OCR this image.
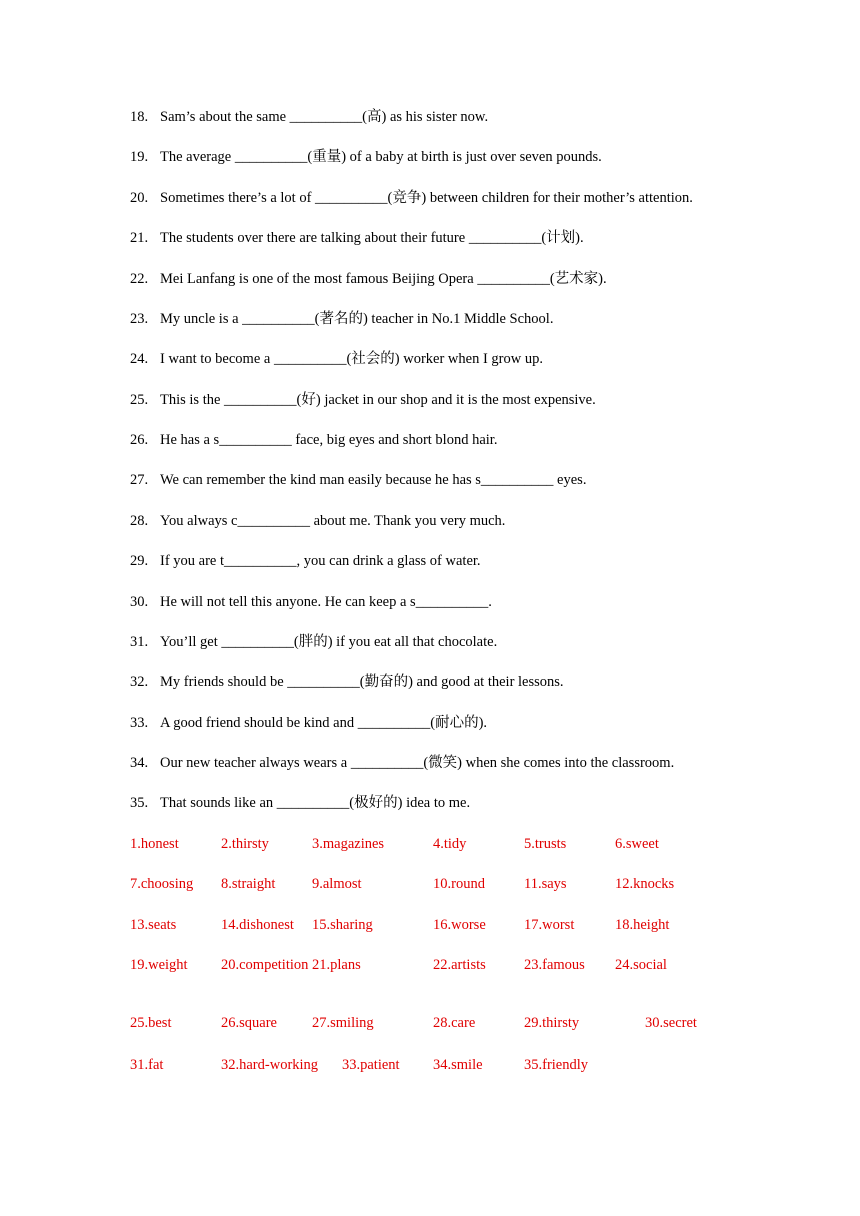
18. Sam’s about the same __________(高) as his sister now.
19. The average __________(重量) of a baby at birth is just over seven pounds.
20. Sometimes there’s a lot of __________(竞争) between children for their mother’s attention.
21. The students over there are talking about their future __________(计划).
22. Mei Lanfang is one of the most famous Beijing Opera __________(艺术家).
23. My uncle is a __________(著名的) teacher in No.1 Middle School.
24. I want to become a __________(社会的) worker when I grow up.
25. This is the __________(好) jacket in our shop and it is the most expensive.
26. He has a s__________ face, big eyes and short blond hair.
27. We can remember the kind man easily because he has s__________ eyes.
28. You always c__________ about me. Thank you very much.
29. If you are t__________, you can drink a glass of water.
30. He will not tell this anyone. He can keep a s__________.
31. You’ll get __________(胖的) if you eat all that chocolate.
32. My friends should be __________(勤奋的) and good at their lessons.
33. A good friend should be kind and __________(耐心的).
34. Our new teacher always wears a __________(微笑) when she comes into the classroom.
35. That sounds like an __________(极好的) idea to me.
1.honest	2.thirsty	3.magazines	4.tidy	5.trusts	6.sweet
7.choosing 8.straight	9.almost	10.round	11.says	12.knocks
13.seats	14.dishonest 15.sharing	16.worse	17.worst	18.height
19.weight 20.competition 21.plans	22.artists	23.famous 24.social
25.best	26.square 27.smiling	28.care	29.thirsty	30.secret
31.fat	32.hard-working 33.patient 34.smile	35.friendly
